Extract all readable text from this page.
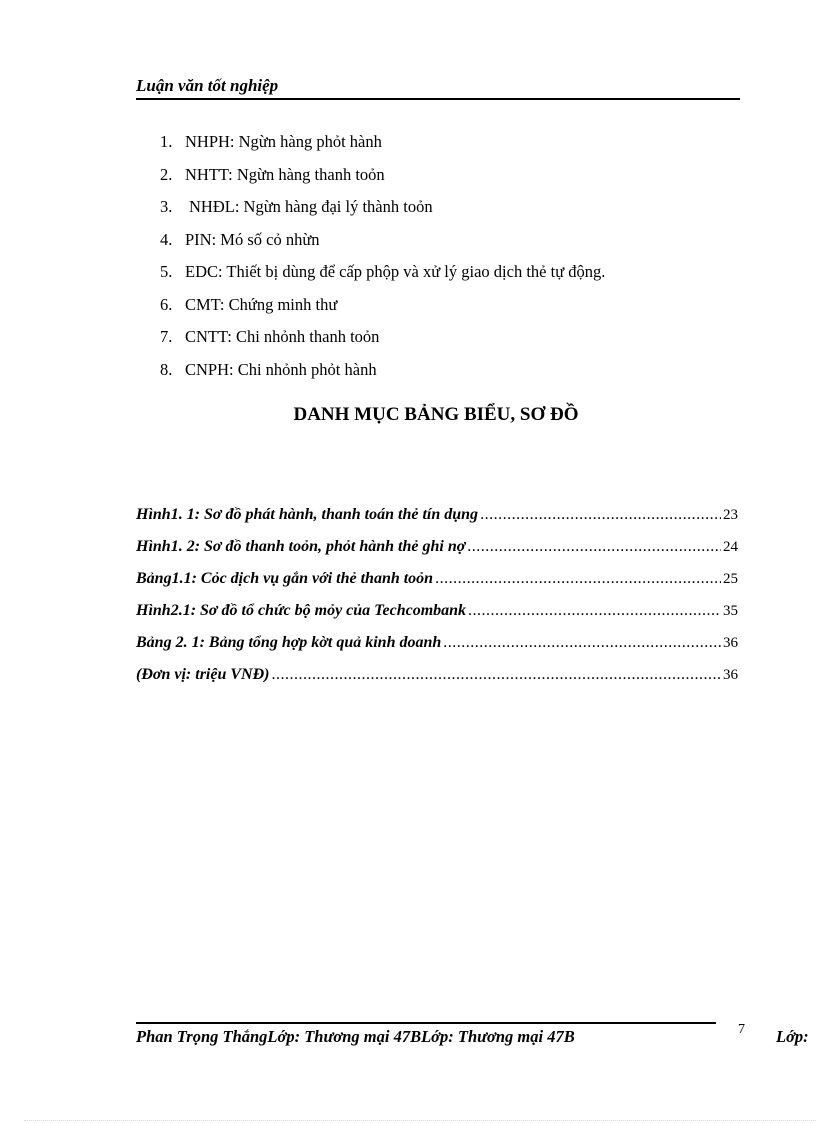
Luận văn tốt nghiệp
1. NHPH: Ngừn hàng phỏt hành
2. NHTT: Ngừn hàng thanh toỏn
3.	NHĐL: Ngừn hàng đại lý thành toỏn
4. PIN: Mó số cỏ nhừn
5. EDC: Thiết bị dùng để cấp phộp và xử lý giao dịch thẻ tự động.
6. CMT: Chứng minh thư
7. CNTT: Chi nhỏnh thanh toỏn
8. CNPH: Chi nhỏnh phỏt hành
DANH MỤC BẢNG BIỂU, SƠ ĐỒ
Hình1. 1: Sơ đồ phát hành, thanh toán thẻ tín dụng .....	23
Hình1. 2: Sơ đồ thanh toỏn, phỏt hành thẻ ghi nợ .....	24
Bảng1.1: Cỏc dịch vụ gắn với thẻ thanh toỏn .....	25
Hình2.1: Sơ đồ tổ chức bộ mỏy của Techcombank .....	35
Bảng 2. 1: Bảng tổng hợp kờt quả kinh doanh .....	36
(Đơn vị: triệu VNĐ) .....	36
Phan Trọng ThắngLớp: Thương mại 47BLớp: Thương mại 47B	7 Lớp:
